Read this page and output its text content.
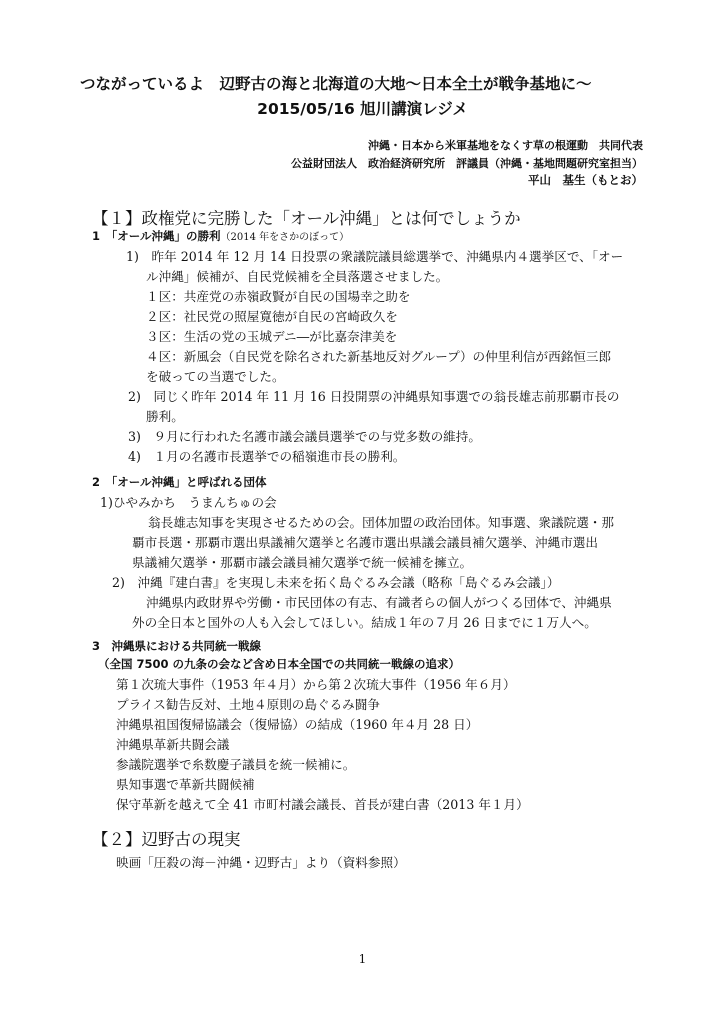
つながっているよ　辺野古の海と北海道の大地～日本全土が戦争基地に～
2015/05/16 旭川講演レジメ
沖縄・日本から米軍基地をなくす草の根運動　共同代表
公益財団法人　政治経済研究所　評議員（沖縄・基地問題研究室担当）
平山　基生（もとお）
【１】政権党に完勝した「オール沖縄」とは何でしょうか
1　「オール沖縄」の勝利（2014 年をさかのぼって）
1)　昨年 2014 年 12 月 14 日投票の衆議院議員総選挙で、沖縄県内４選挙区で、「オー
ル沖縄」候補が、自民党候補を全員落選させました。
１区：共産党の赤嶺政賢が自民の国場幸之助を
２区：社民党の照屋寛徳が自民の宮崎政久を
３区：生活の党の玉城デニ―が比嘉奈津美を
４区：新風会（自民党を除名された新基地反対グループ）の仲里利信が西銘恒三郎
を破っての当選でした。
2)　同じく昨年 2014 年 11 月 16 日投開票の沖縄県知事選での翁長雄志前那覇市長の
勝利。
3)　９月に行われた名護市議会議員選挙での与党多数の維持。
4)　１月の名護市長選挙での稲嶺進市長の勝利。
2　「オール沖縄」と呼ばれる団体
1)ひやみかち　うまんちゅの会
翁長雄志知事を実現させるための会。団体加盟の政治団体。知事選、衆議院選・那
覇市長選・那覇市選出県議補欠選挙と名護市選出県議会議員補欠選挙、沖縄市選出
県議補欠選挙・那覇市議会議員補欠選挙で統一候補を擁立。
2)　沖縄『建白書』を実現し未来を拓く島ぐるみ会議（略称「島ぐるみ会議」）
沖縄県内政財界や労働・市民団体の有志、有識者らの個人がつくる団体で、沖縄県
外の全日本と国外の人も入会してほしい。結成１年の７月 26 日までに１万人へ。
3　沖縄県における共同統一戦線
（全国 7500 の九条の会など含め日本全国での共同統一戦線の追求）
第１次琉大事件（1953 年４月）から第２次琉大事件（1956 年６月）
プライス勧告反対、土地４原則の島ぐるみ闘争
沖縄県祖国復帰協議会（復帰協）の結成（1960 年４月 28 日）
沖縄県革新共闘会議
参議院選挙で糸数慶子議員を統一候補に。
県知事選で革新共闘候補
保守革新を越えて全 41 市町村議会議長、首長が建白書（2013 年１月）
【２】辺野古の現実
映画「圧殺の海－沖縄・辺野古」より（資料参照）
1
